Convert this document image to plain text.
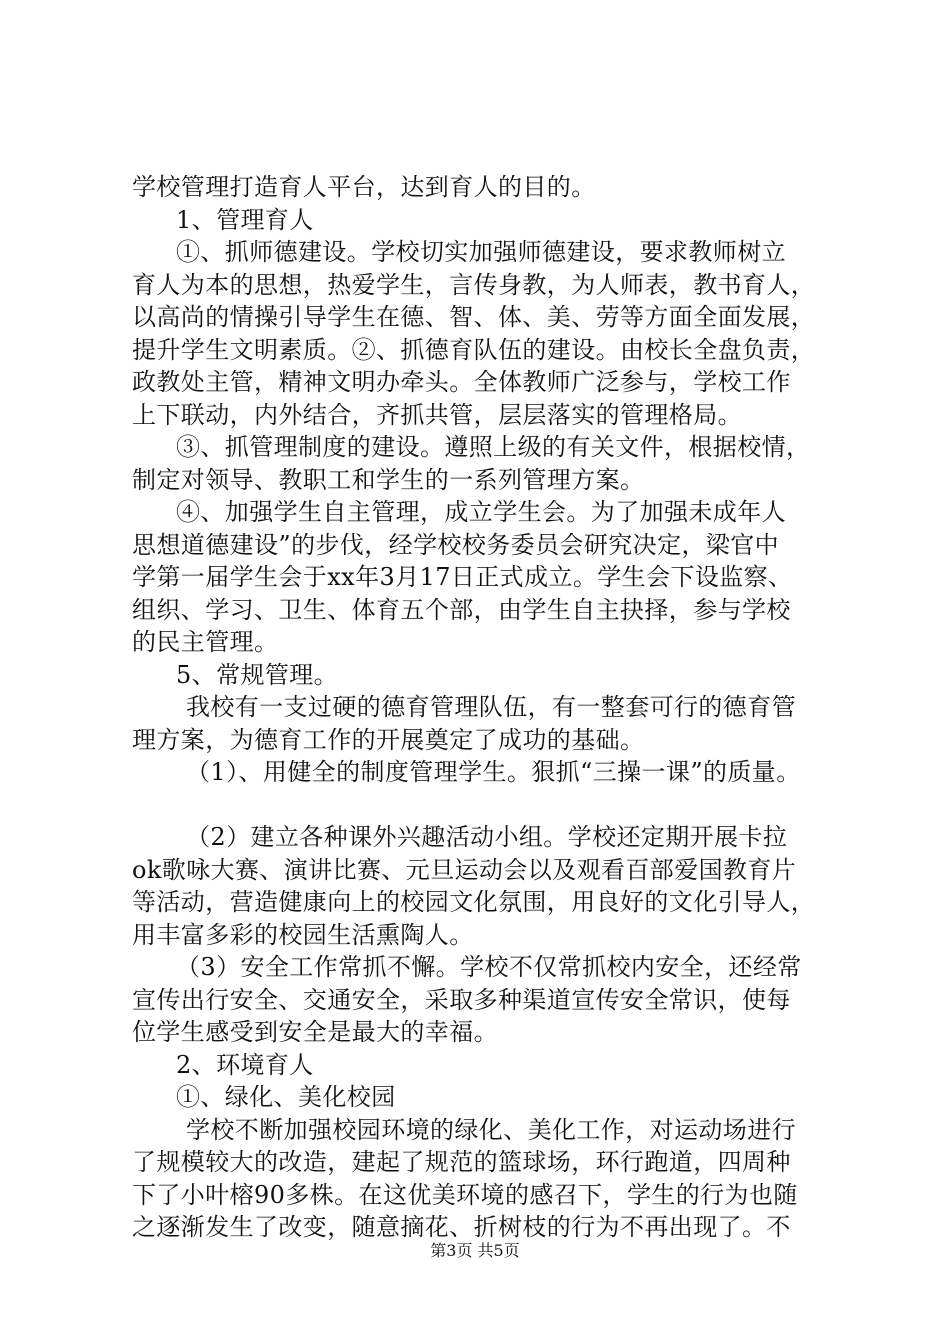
学校管理打造育人平台，达到育人的目的。
1、管理育人
①、抓师德建设。学校切实加强师德建设，要求教师树立
育人为本的思想，热爱学生，言传身教，为人师表，教书育人，
以高尚的情操引导学生在德、智、体、美、劳等方面全面发展，
提升学生文明素质。②、抓德育队伍的建设。由校长全盘负责，
政教处主管，精神文明办牵头。全体教师广泛参与，学校工作
上下联动，内外结合，齐抓共管，层层落实的管理格局。
③、抓管理制度的建设。遵照上级的有关文件，根据校情，
制定对领导、教职工和学生的一系列管理方案。
④、加强学生自主管理，成立学生会。为了加强未成年人
思想道德建设”的步伐，经学校校务委员会研究决定，梁官中
学第一届学生会于xx年3月17日正式成立。学生会下设监察、
组织、学习、卫生、体育五个部，由学生自主抉择，参与学校
的民主管理。
5、常规管理。
我校有一支过硬的德育管理队伍，有一整套可行的德育管
理方案，为德育工作的开展奠定了成功的基础。
（1）、用健全的制度管理学生。狠抓“三操一课”的质量。
（2）建立各种课外兴趣活动小组。学校还定期开展卡拉
ok歌咏大赛、演讲比赛、元旦运动会以及观看百部爱国教育片
等活动，营造健康向上的校园文化氛围，用良好的文化引导人，
用丰富多彩的校园生活熏陶人。
（3）安全工作常抓不懈。学校不仅常抓校内安全，还经常
宣传出行安全、交通安全，采取多种渠道宣传安全常识，使每
位学生感受到安全是最大的幸福。
2、环境育人
①、绿化、美化校园
学校不断加强校园环境的绿化、美化工作，对运动场进行
了规模较大的改造，建起了规范的篮球场，环行跑道，四周种
下了小叶榕90多株。在这优美环境的感召下，学生的行为也随
之逐渐发生了改变，随意摘花、折树枝的行为不再出现了。不
第3页 共5页
